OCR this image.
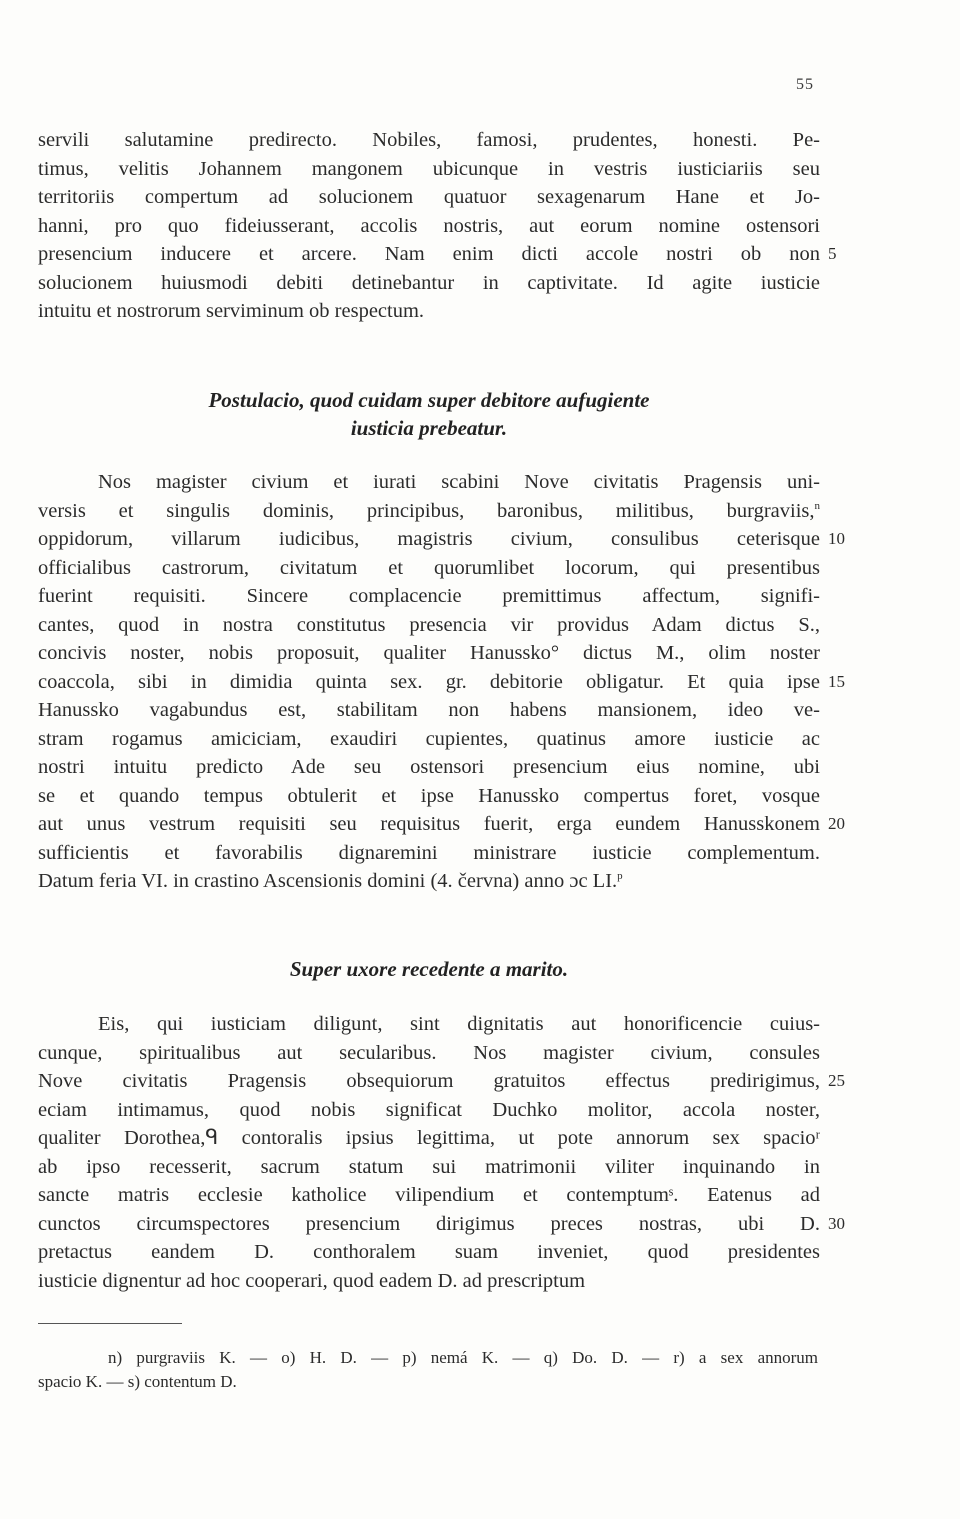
55
servili salutamine predirecto. Nobiles, famosi, prudentes, honesti. Pe-
timus, velitis Johannem mangonem ubicunque in vestris iusticiariis seu
territoriis compertum ad solucionem quatuor sexagenarum Hane et Jo-
hanni, pro quo fideiusserant, accolis nostris, aut eorum nomine ostensori
presencium inducere et arcere. Nam enim dicti accole nostri ob non 5
solucionem huiusmodi debiti detinebantur in captivitate. Id agite iusticie
intuitu et nostrorum serviminum ob respectum.
Postulacio, quod cuidam super debitore aufugiente
iusticia prebeatur.
Nos magister civium et iurati scabini Nove civitatis Pragensis uni-
versis et singulis dominis, principibus, baronibus, militibus, burgraviis,$^n$
oppidorum, villarum iudicibus, magistris civium, consulibus ceterisque 10
officialibus castrorum, civitatum et quorumlibet locorum, qui presentibus
fuerint requisiti. Sincere complacencie premittimus affectum, signifi-
cantes, quod in nostra constitutus presencia vir providus Adam dictus S.,
concivis noster, nobis proposuit, qualiter Hanussko° dictus M., olim noster
coaccola, sibi in dimidia quinta sex. gr. debitorie obligatur. Et quia ipse 15
Hanussko vagabundus est, stabilitam non habens mansionem, ideo ve-
stram rogamus amiciciam, exaudiri cupientes, quatinus amore iusticie ac
nostri intuitu predicto Ade seu ostensori presencium eius nomine, ubi
se et quando tempus obtulerit et ipse Hanussko compertus foret, vosque
aut unus vestrum requisiti seu requisitus fuerit, erga eundem Hanusskonem 20
sufficientis et favorabilis dignaremini ministrare iusticie complementum.
Datum feria VI. in crastino Ascensionis domini (4. června) anno ɔc LI.$^p$
Super uxore recedente a marito.
Eis, qui iusticiam diligunt, sint dignitatis aut honorificencie cuius-
cunque, spiritualibus aut secularibus. Nos magister civium, consules
Nove civitatis Pragensis obsequiorum gratuitos effectus predirigimus, 25
eciam intimamus, quod nobis significat Duchko molitor, accola noster,
qualiter Dorothea,ᑫ contoralis ipsius legittima, ut pote annorum sex spacioʳ
ab ipso recesserit, sacrum statum sui matrimonii viliter inquinando in
sancte matris ecclesie katholice vilipendium et contemptumˢ. Eatenus ad
cunctos circumspectores presencium dirigimus preces nostras, ubi D. 30
pretactus eandem D. conthoralem suam inveniet, quod presidentes
iusticie dignentur ad hoc cooperari, quod eadem D. ad prescriptum
n) purgraviis K. — o) H. D. — p) nemá K. — q) Do. D. — r) a sex annorum
spacio K. — s) contentum D.
